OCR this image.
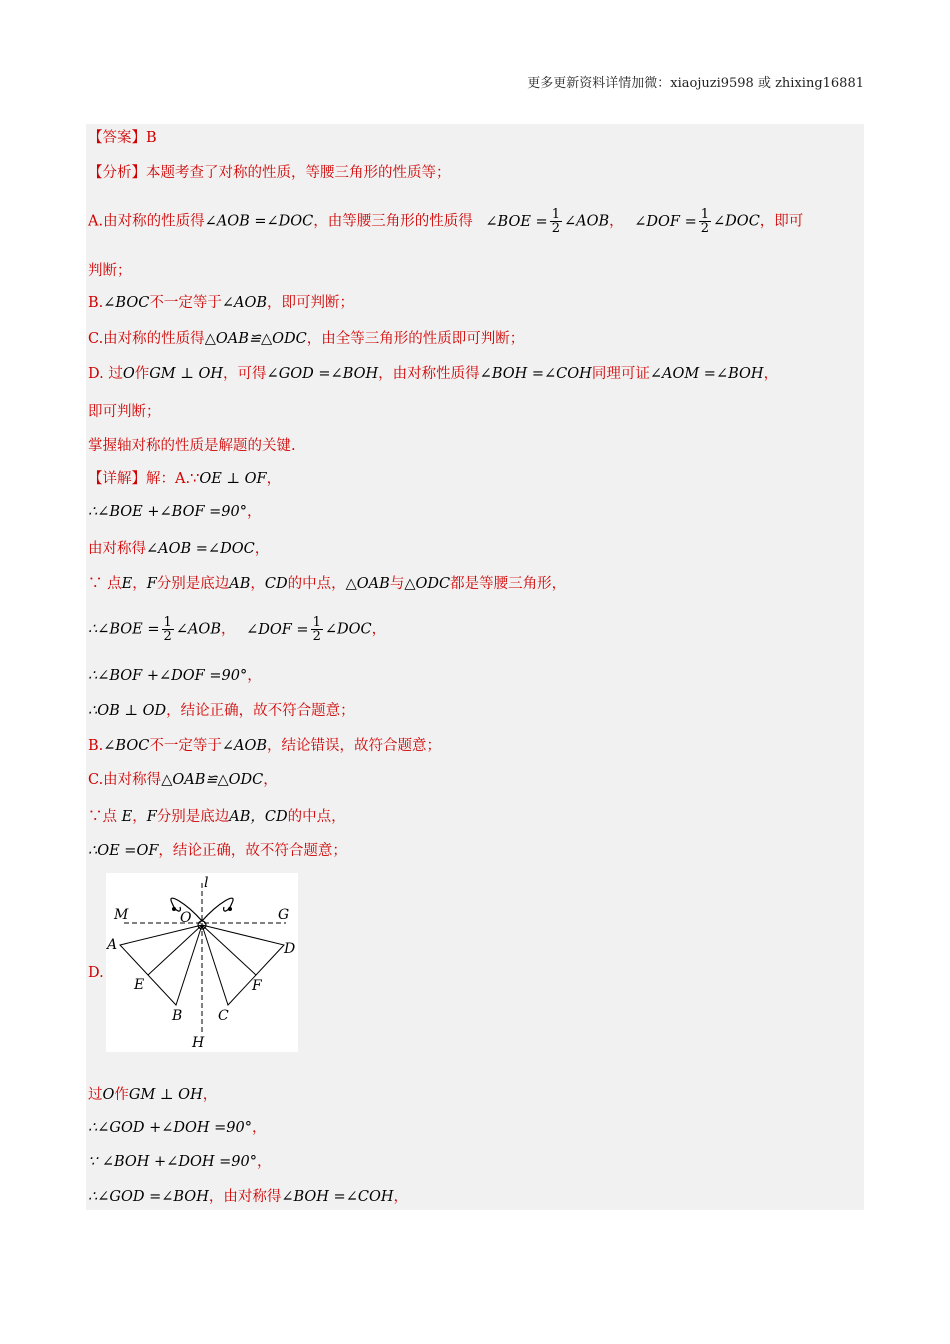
更多更新资料详情加微：xiaojuzi9598 或 zhixing16881
【答案】B
【分析】本题考查了对称的性质，等腰三角形的性质等；
A.由对称的性质得∠AOB =∠DOC，由等腰三角形的性质得 ∠BOE = $\frac{1}{2}$ ∠AOB， ∠DOF = $\frac{1}{2}$ ∠DOC，即可
判断；
B.∠BOC不一定等于∠AOB，即可判断；
C.由对称的性质得△OAB≌△ODC，由全等三角形的性质即可判断；
D. 过O作GM ⊥ OH，可得∠GOD =∠BOH，由对称性质得∠BOH =∠COH同理可证∠AOM =∠BOH，
即可判断；
掌握轴对称的性质是解题的关键.
【详解】解：A.∵OE ⊥ OF，
∴∠BOE +∠BOF =90°，
由对称得∠AOB =∠DOC，
∵ 点E，F分别是底边AB，CD的中点，△OAB与△ODC都是等腰三角形，
∴∠BOE = $\frac{1}{2}$ ∠AOB， ∠DOF = $\frac{1}{2}$ ∠DOC，
∴∠BOF +∠DOF =90°，
∴OB ⊥ OD，结论正确，故不符合题意；
B.∠BOC不一定等于∠AOB，结论错误，故符合题意；
C.由对称得△OAB≌△ODC，
∵点 E，F分别是底边AB，CD的中点，
∴OE =OF，结论正确，故不符合题意；
D.
l
M	O	G
A	D
E	F
B	C
H
过O作GM ⊥ OH，
∴∠GOD +∠DOH =90°，
∵ ∠BOH +∠DOH =90°，
∴∠GOD =∠BOH，由对称得∠BOH =∠COH，
